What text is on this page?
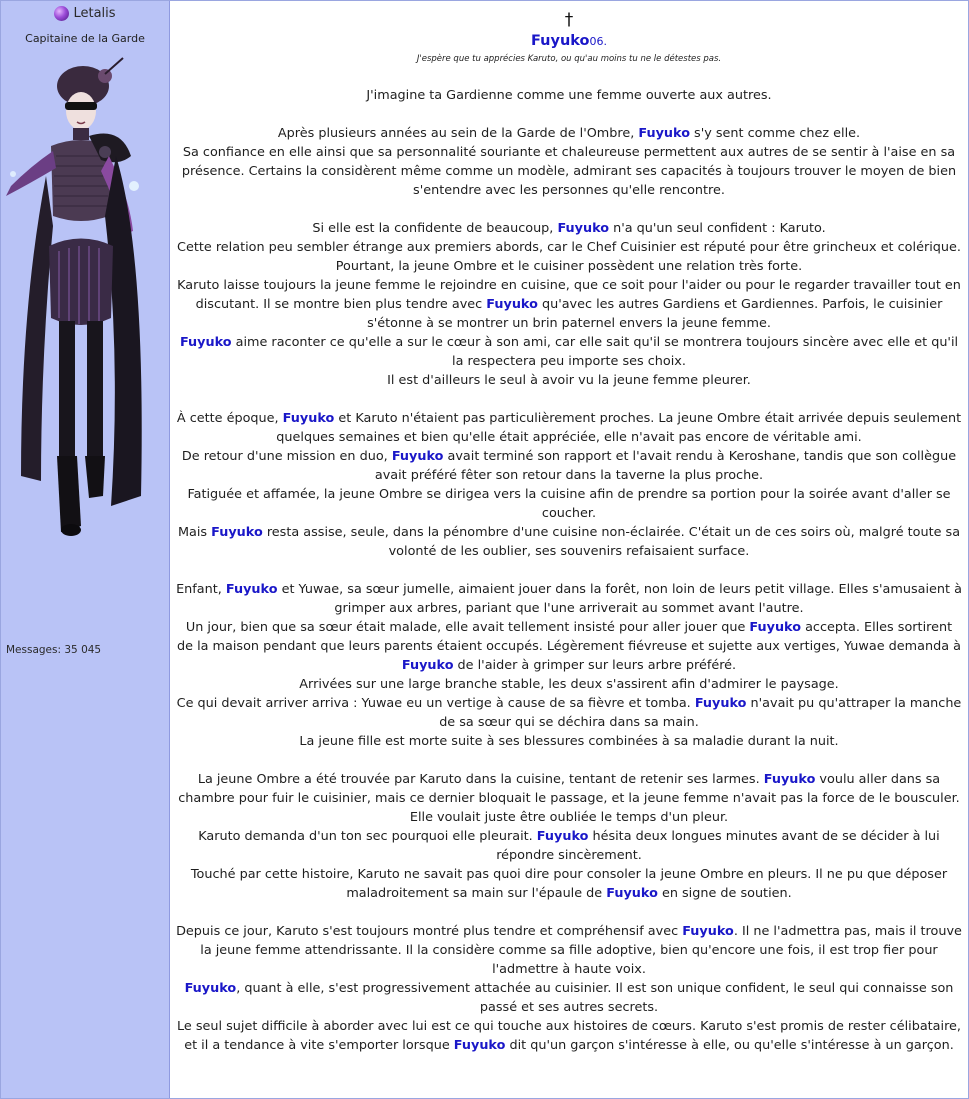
Letalis
Capitaine de la Garde
Messages: 35 045
†
Fuyuko06.
J'espère que tu apprécies Karuto, ou qu'au moins tu ne le détestes pas.
J'imagine ta Gardienne comme une femme ouverte aux autres.
Après plusieurs années au sein de la Garde de l'Ombre, Fuyuko s'y sent comme chez elle.
Sa confiance en elle ainsi que sa personnalité souriante et chaleureuse permettent aux autres de se sentir à l'aise en sa présence. Certains la considèrent même comme un modèle, admirant ses capacités à toujours trouver le moyen de bien s'entendre avec les personnes qu'elle rencontre.
Si elle est la confidente de beaucoup, Fuyuko n'a qu'un seul confident : Karuto.
Cette relation peu sembler étrange aux premiers abords, car le Chef Cuisinier est réputé pour être grincheux et colérique. Pourtant, la jeune Ombre et le cuisiner possèdent une relation très forte.
Karuto laisse toujours la jeune femme le rejoindre en cuisine, que ce soit pour l'aider ou pour le regarder travailler tout en discutant. Il se montre bien plus tendre avec Fuyuko qu'avec les autres Gardiens et Gardiennes. Parfois, le cuisinier s'étonne à se montrer un brin paternel envers la jeune femme.
Fuyuko aime raconter ce qu'elle a sur le cœur à son ami, car elle sait qu'il se montrera toujours sincère avec elle et qu'il la respectera peu importe ses choix.
Il est d'ailleurs le seul à avoir vu la jeune femme pleurer.
À cette époque, Fuyuko et Karuto n'étaient pas particulièrement proches. La jeune Ombre était arrivée depuis seulement quelques semaines et bien qu'elle était appréciée, elle n'avait pas encore de véritable ami.
De retour d'une mission en duo, Fuyuko avait terminé son rapport et l'avait rendu à Keroshane, tandis que son collègue avait préféré fêter son retour dans la taverne la plus proche.
Fatiguée et affamée, la jeune Ombre se dirigea vers la cuisine afin de prendre sa portion pour la soirée avant d'aller se coucher.
Mais Fuyuko resta assise, seule, dans la pénombre d'une cuisine non-éclairée. C'était un de ces soirs où, malgré toute sa volonté de les oublier, ses souvenirs refaisaient surface.
Enfant, Fuyuko et Yuwae, sa sœur jumelle, aimaient jouer dans la forêt, non loin de leurs petit village. Elles s'amusaient à grimper aux arbres, pariant que l'une arriverait au sommet avant l'autre.
Un jour, bien que sa sœur était malade, elle avait tellement insisté pour aller jouer que Fuyuko accepta. Elles sortirent de la maison pendant que leurs parents étaient occupés. Légèrement fiévreuse et sujette aux vertiges, Yuwae demanda à Fuyuko de l'aider à grimper sur leurs arbre préféré.
Arrivées sur une large branche stable, les deux s'assirent afin d'admirer le paysage.
Ce qui devait arriver arriva : Yuwae eu un vertige à cause de sa fièvre et tomba. Fuyuko n'avait pu qu'attraper la manche de sa sœur qui se déchira dans sa main.
La jeune fille est morte suite à ses blessures combinées à sa maladie durant la nuit.
La jeune Ombre a été trouvée par Karuto dans la cuisine, tentant de retenir ses larmes. Fuyuko voulu aller dans sa chambre pour fuir le cuisinier, mais ce dernier bloquait le passage, et la jeune femme n'avait pas la force de le bousculer. Elle voulait juste être oubliée le temps d'un pleur.
Karuto demanda d'un ton sec pourquoi elle pleurait. Fuyuko hésita deux longues minutes avant de se décider à lui répondre sincèrement.
Touché par cette histoire, Karuto ne savait pas quoi dire pour consoler la jeune Ombre en pleurs. Il ne pu que déposer maladroitement sa main sur l'épaule de Fuyuko en signe de soutien.
Depuis ce jour, Karuto s'est toujours montré plus tendre et compréhensif avec Fuyuko. Il ne l'admettra pas, mais il trouve la jeune femme attendrissante. Il la considère comme sa fille adoptive, bien qu'encore une fois, il est trop fier pour l'admettre à haute voix.
Fuyuko, quant à elle, s'est progressivement attachée au cuisinier. Il est son unique confident, le seul qui connaisse son passé et ses autres secrets.
Le seul sujet difficile à aborder avec lui est ce qui touche aux histoires de cœurs. Karuto s'est promis de rester célibataire, et il a tendance à vite s'emporter lorsque Fuyuko dit qu'un garçon s'intéresse à elle, ou qu'elle s'intéresse à un garçon.
